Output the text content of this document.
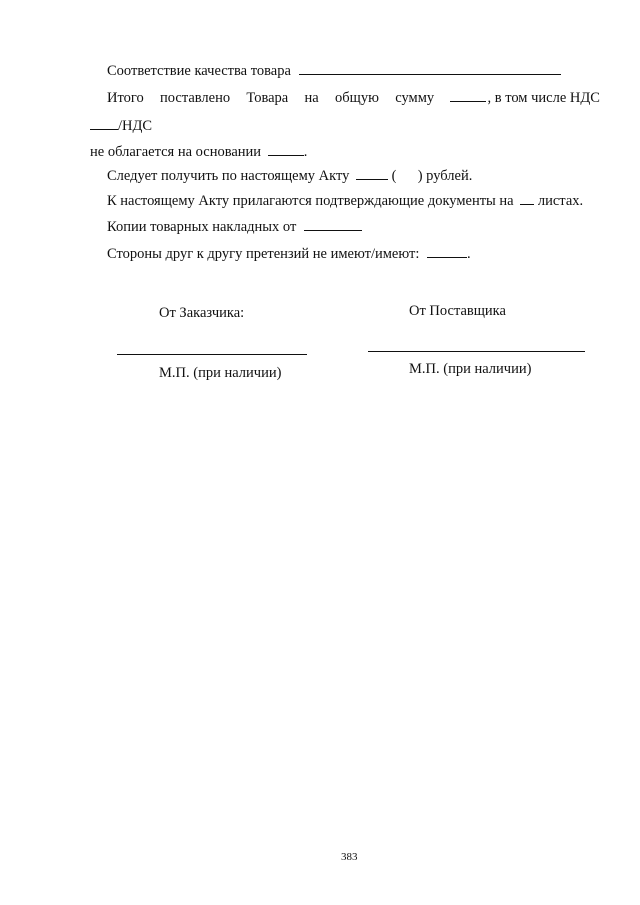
Соответствие качества товара
Итого поставлено Товара на общую сумму	, в том числе НДС
/НДС
не облагается на основании	.
Следует получить по настоящему Акту	( ) рублей.
К настоящему Акту прилагаются подтверждающие документы на листах.
Копии товарных накладных от
Стороны друг к другу претензий не имеют/имеют:	.
От Заказчика:	От Поставщика
М.П. (при наличии)	М.П. (при наличии)
383
